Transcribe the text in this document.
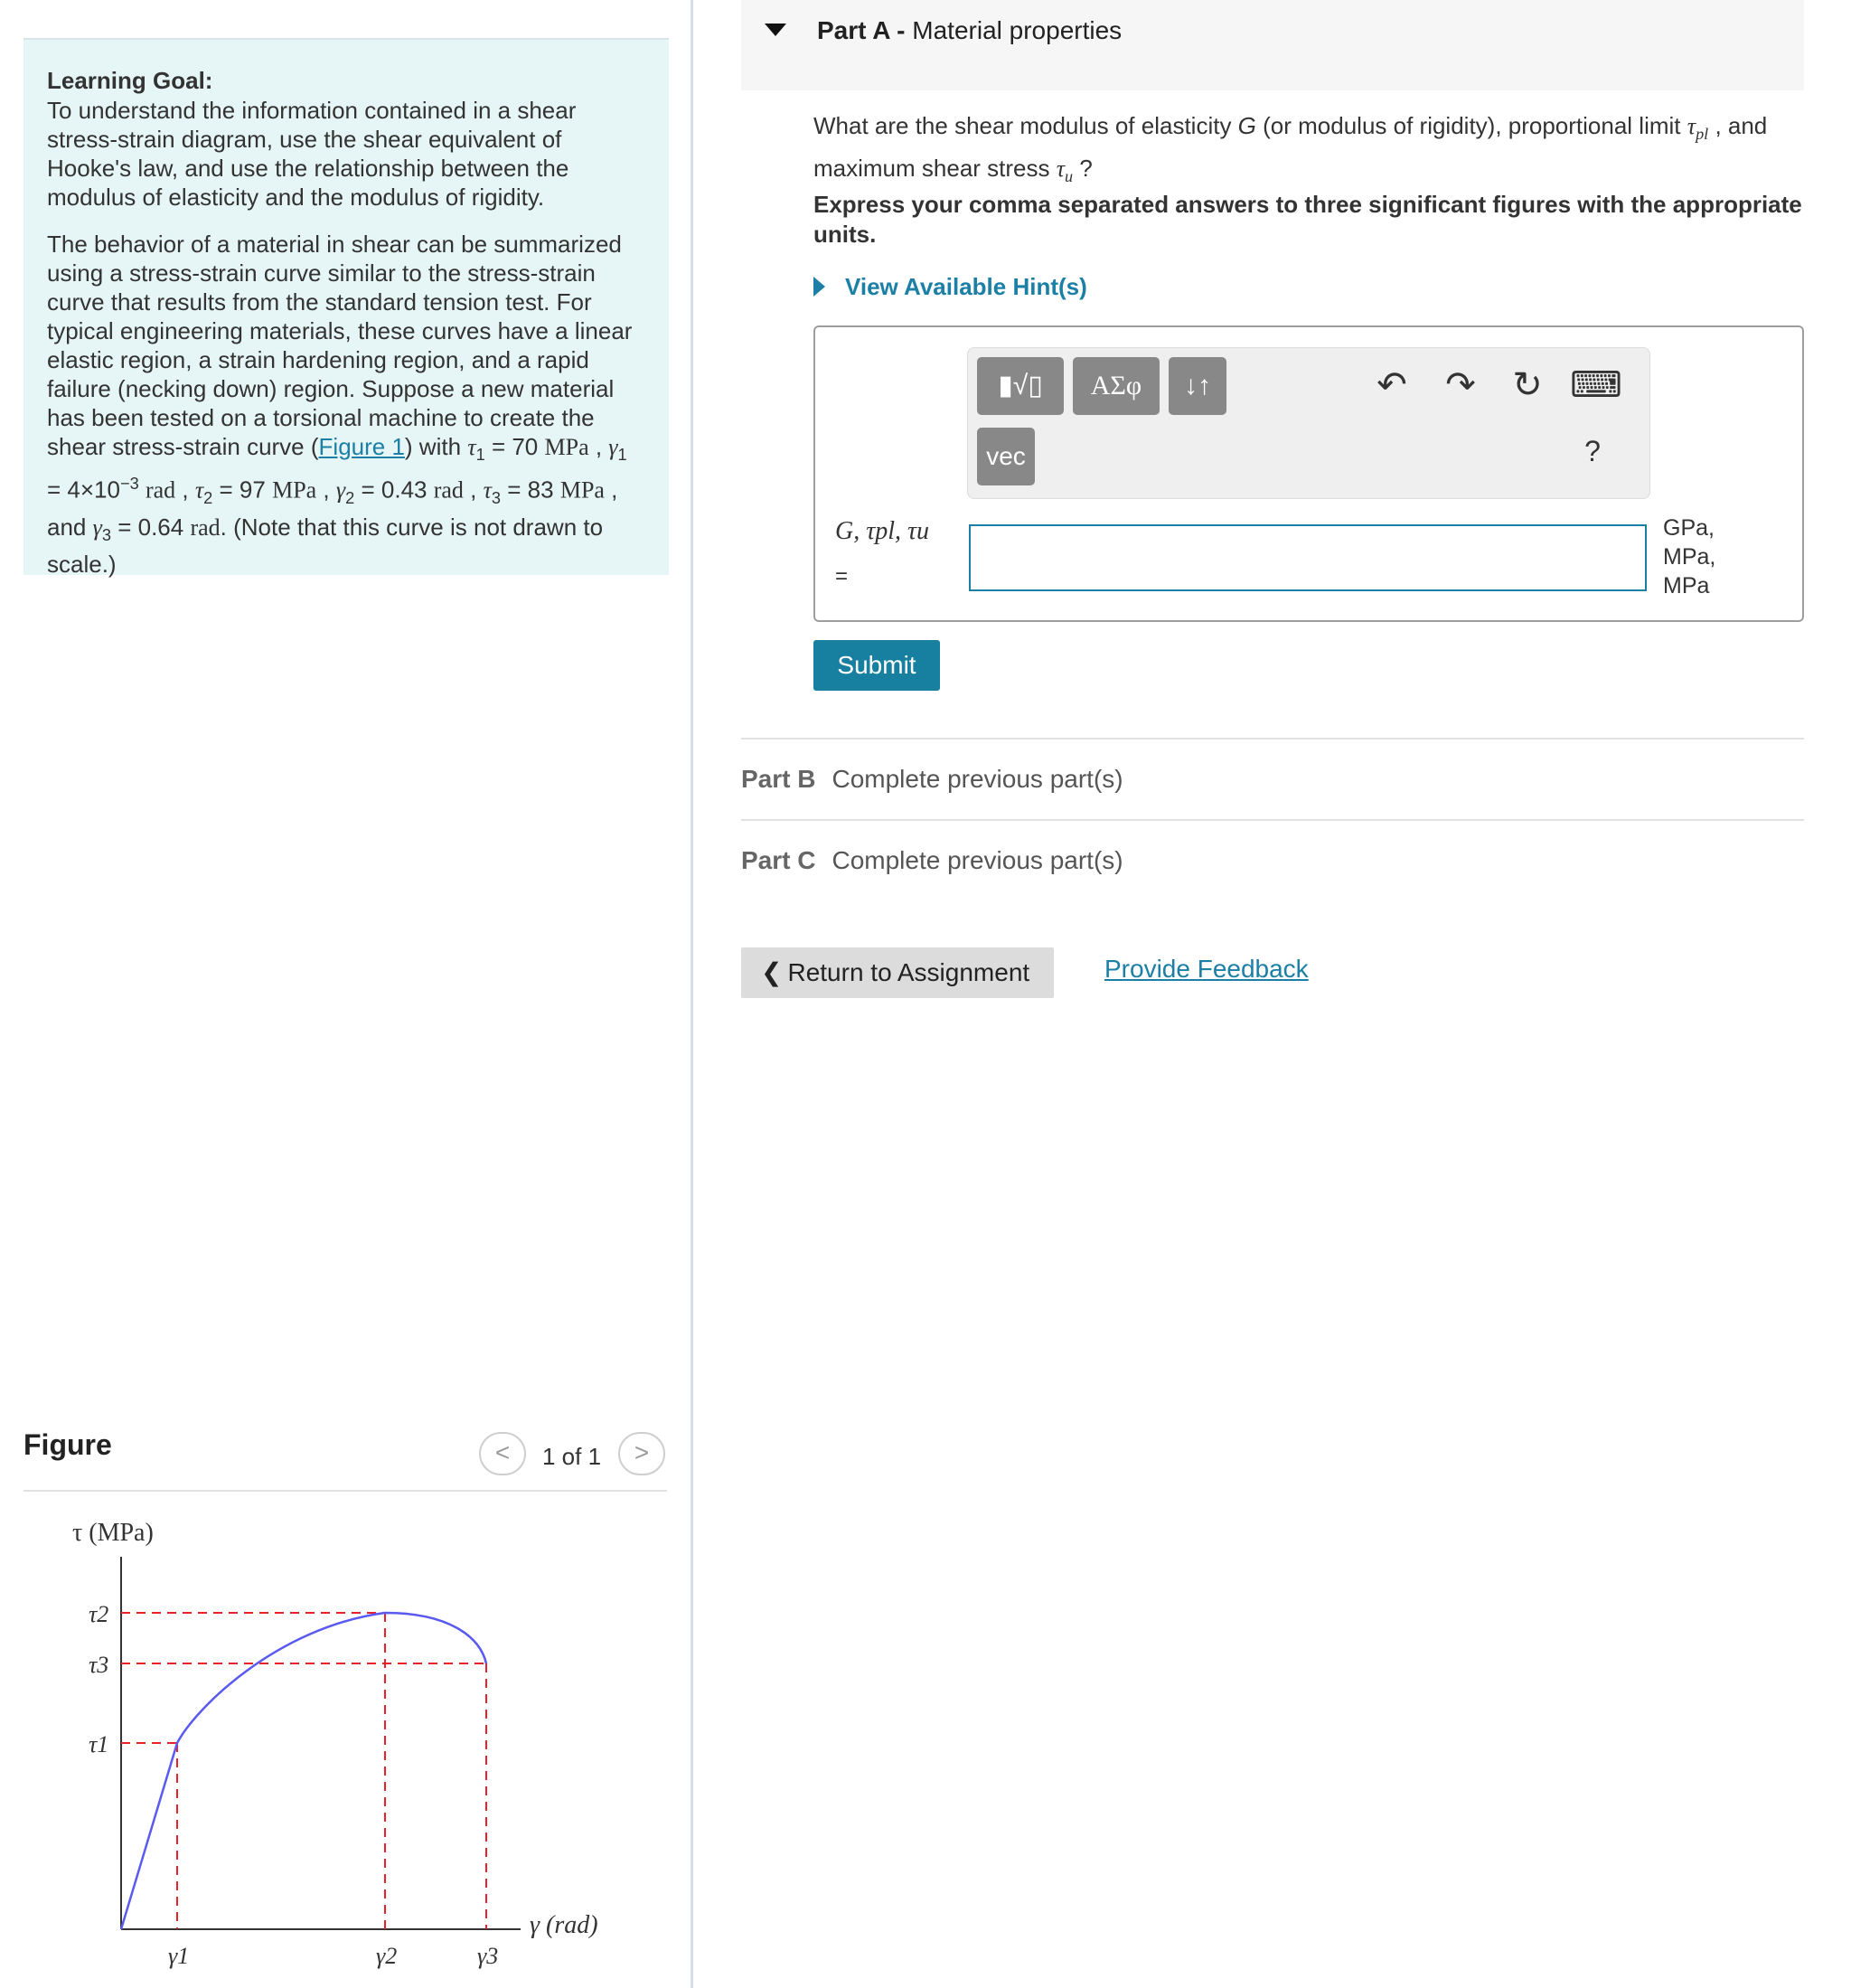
Learning Goal:

To understand the information contained in a shear stress-strain diagram, use the shear equivalent of Hooke's law, and use the relationship between the modulus of elasticity and the modulus of rigidity.

The behavior of a material in shear can be summarized using a stress-strain curve similar to the stress-strain curve that results from the standard tension test. For typical engineering materials, these curves have a linear elastic region, a strain hardening region, and a rapid failure (necking down) region. Suppose a new material has been tested on a torsional machine to create the shear stress-strain curve (Figure 1) with $\tau_1 = 70$ MPa , $\gamma_1 = 4\times 10^{-3}$ rad , $\tau_2 = 97$ MPa , $\gamma_2 = 0.43$ rad , $\tau_3 = 83$ MPa , and $\gamma_3 = 0.64$ rad. (Note that this curve is not drawn to scale.)

Figure	<	1 of 1	>
τ (MPa)
γ (rad)
τ2
τ3
τ1
γ1	γ2	γ3
Part A - Material properties
What are the shear modulus of elasticity G (or modulus of rigidity), proportional limit $\tau_{pl}$ , and maximum shear stress $\tau_u$ ?
Express your comma separated answers to three significant figures with the appropriate units.
View Available Hint(s)
▮√▯	ΑΣφ	↓↑
vec
↶ ↷ ↻ ⌨
?
G, τpl, τu
=
GPa,
MPa,
MPa
Submit
Part B Complete previous part(s)
Part C Complete previous part(s)
❮ Return to Assignment	Provide Feedback
